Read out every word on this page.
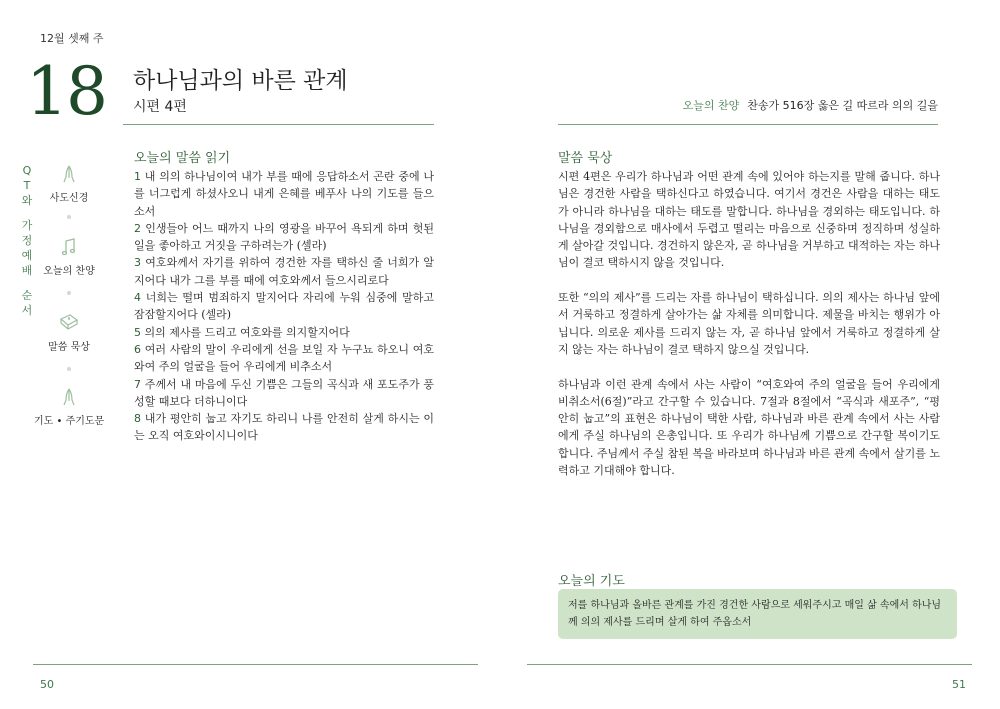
12월 셋째 주
18 하나님과의 바른 관계
시편 4편	오늘의 찬양 찬송가 516장 옳은 길 따르라 의의 길을
Q
T
와
가
정
예
배
순
서
사도신경
오늘의 찬양
말씀 묵상
기도 • 주기도문
오늘의 말씀 읽기
1 내 의의 하나님이여 내가 부를 때에 응답하소서 곤란 중에 나를 너그럽게 하셨사오니 내게 은혜를 베푸사 나의 기도를 들으소서
2 인생들아 어느 때까지 나의 영광을 바꾸어 욕되게 하며 헛된 일을 좋아하고 거짓을 구하려는가 (셀라)
3 여호와께서 자기를 위하여 경건한 자를 택하신 줄 너희가 알지어다 내가 그를 부를 때에 여호와께서 들으시리로다
4 너희는 떨며 범죄하지 말지어다 자리에 누워 심중에 말하고 잠잠할지어다 (셀라)
5 의의 제사를 드리고 여호와를 의지할지어다
6 여러 사람의 말이 우리에게 선을 보일 자 누구뇨 하오니 여호와여 주의 얼굴을 들어 우리에게 비추소서
7 주께서 내 마음에 두신 기쁨은 그들의 곡식과 새 포도주가 풍성할 때보다 더하니이다
8 내가 평안히 눕고 자기도 하리니 나를 안전히 살게 하시는 이는 오직 여호와이시니이다
말씀 묵상

시편 4편은 우리가 하나님과 어떤 관계 속에 있어야 하는지를 말해 줍니다. 하나님은 경건한 사람을 택하신다고 하였습니다. 여기서 경건은 사람을 대하는 태도가 아니라 하나님을 대하는 태도를 말합니다. 하나님을 경외하는 태도입니다. 하나님을 경외함으로 매사에서 두렵고 떨리는 마음으로 신중하며 정직하며 성실하게 살아갈 것입니다. 경건하지 않은자, 곧 하나님을 거부하고 대적하는 자는 하나님이 결코 택하시지 않을 것입니다.

또한 “의의 제사”를 드리는 자를 하나님이 택하십니다. 의의 제사는 하나님 앞에서 거룩하고 정결하게 살아가는 삶 자체를 의미합니다. 제물을 바치는 행위가 아닙니다. 의로운 제사를 드리지 않는 자, 곧 하나님 앞에서 거룩하고 정결하게 살지 않는 자는 하나님이 결코 택하지 않으실 것입니다.

하나님과 이런 관계 속에서 사는 사람이 “여호와여 주의 얼굴을 들어 우리에게 비취소서(6절)”라고 간구할 수 있습니다. 7절과 8절에서 “곡식과 새포주”, “평안히 눕고”의 표현은 하나님이 택한 사람, 하나님과 바른 관계 속에서 사는 사람에게 주실 하나님의 은총입니다. 또 우리가 하나님께 기쁨으로 간구할 복이기도 합니다. 주님께서 주실 참된 복을 바라보며 하나님과 바른 관계 속에서 살기를 노력하고 기대해야 합니다.

오늘의 기도
저를 하나님과 올바른 관계를 가진 경건한 사람으로 세워주시고 매일 삶 속에서 하나님께 의의 제사를 드리며 살게 하여 주옵소서
50	51
